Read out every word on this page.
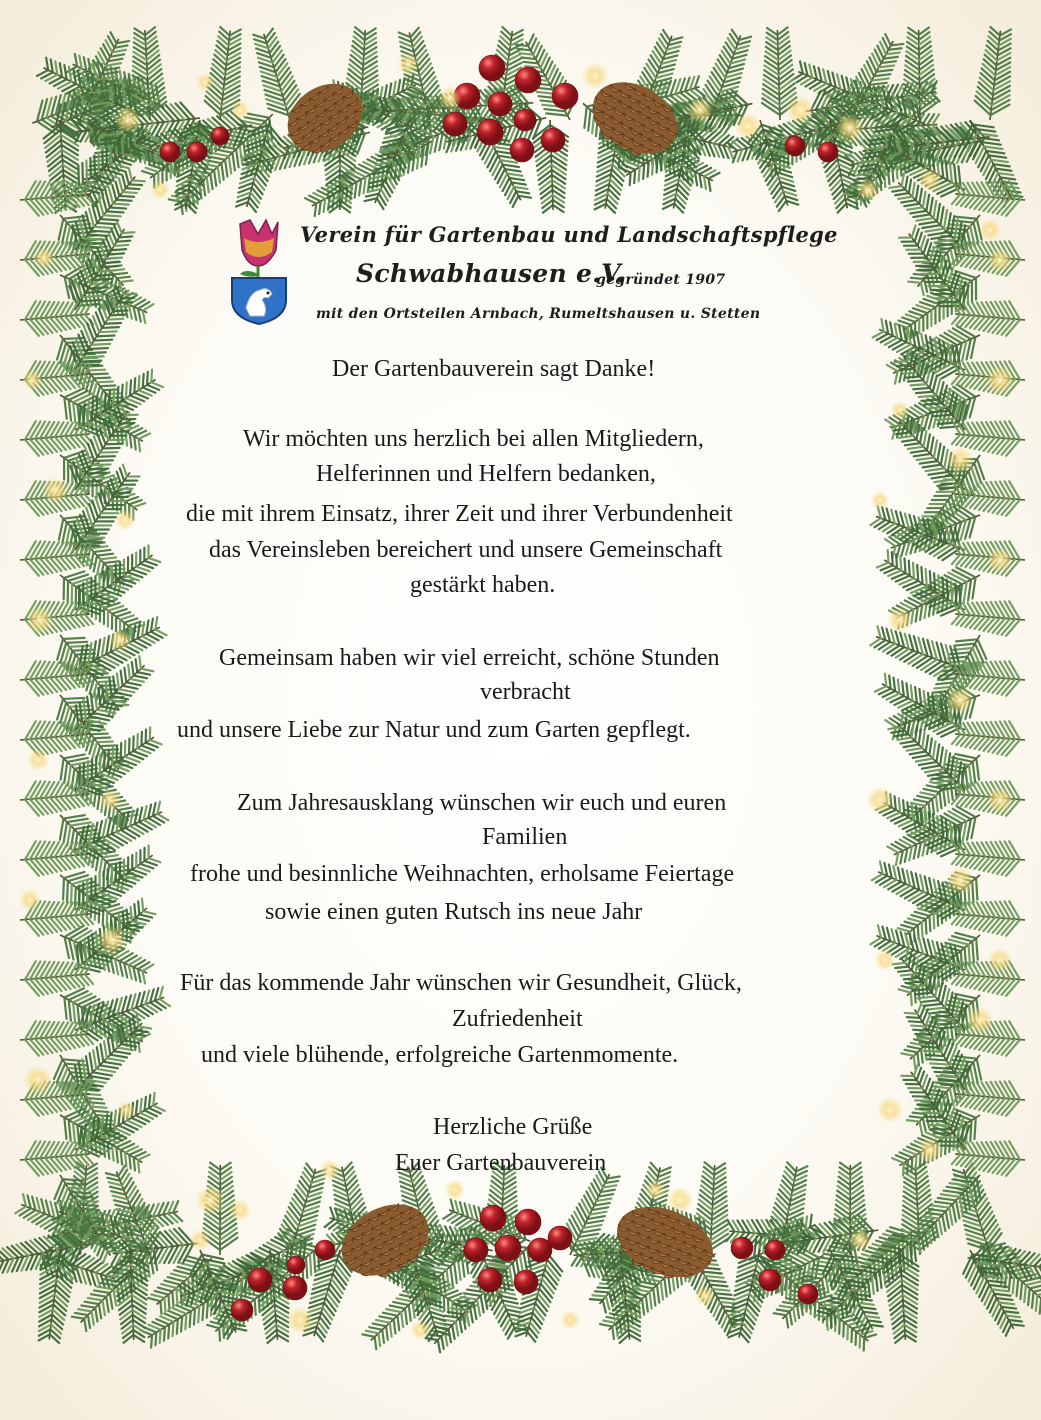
Verein für Gartenbau und Landschaftspflege
Schwabhausen e.V.
gegründet 1907
mit den Ortsteilen Arnbach, Rumeltshausen u. Stetten
Der Gartenbauverein sagt Danke!
Wir möchten uns herzlich bei allen Mitgliedern,
Helferinnen und Helfern bedanken,
die mit ihrem Einsatz, ihrer Zeit und ihrer Verbundenheit
das Vereinsleben bereichert und unsere Gemeinschaft
gestärkt haben.
Gemeinsam haben wir viel erreicht, schöne Stunden
verbracht
und unsere Liebe zur Natur und zum Garten gepflegt.
Zum Jahresausklang wünschen wir euch und euren
Familien
frohe und besinnliche Weihnachten, erholsame Feiertage
sowie einen guten Rutsch ins neue Jahr
Für das kommende Jahr wünschen wir Gesundheit, Glück,
Zufriedenheit
und viele blühende, erfolgreiche Gartenmomente.
Herzliche Grüße
Euer Gartenbauverein
